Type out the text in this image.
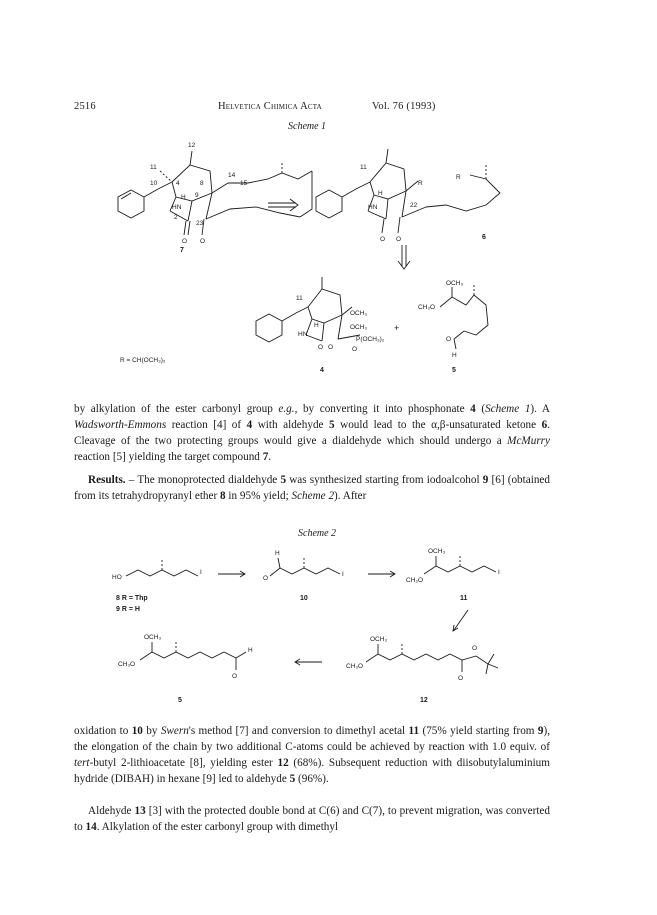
2516	Helvetica Chimica Acta	Vol. 76 (1993)
Scheme 1
12
11
10	4	8
14
15
9
HN
H
2
23
O O
7
11
H
HN
R
R
22
O O	6
11
H
HN
OCH₃
OCH₃
P(OCH₃)₂
O O	O
4
+
OCH₃
CH₃O
O
H
5
R = CH(OCH₃)₂

by alkylation of the ester carbonyl group e.g., by converting it into phosphonate 4 (Scheme 1). A Wadsworth-Emmons reaction [4] of 4 with aldehyde 5 would lead to the α,β-unsaturated ketone 6. Cleavage of the two protecting groups would give a dialdehyde which should undergo a McMurry reaction [5] yielding the target compound 7.

Results. – The monoprotected dialdehyde 5 was synthesized starting from iodoalcohol 9 [6] (obtained from its tetrahydropyranyl ether 8 in 95% yield; Scheme 2). After

Scheme 2
HO
I
8 R = Thp
9 R = H
H
O
I
10
OCH₃
CH₃O
I
11
OCH₃
CH₃O
O
O
12
OCH₃
CH₃O
H
O
5

oxidation to 10 by Swern's method [7] and conversion to dimethyl acetal 11 (75% yield starting from 9), the elongation of the chain by two additional C-atoms could be achieved by reaction with 1.0 equiv. of tert-butyl 2-lithioacetate [8], yielding ester 12 (68%). Subsequent reduction with diisobutylaluminium hydride (DIBAH) in hexane [9] led to aldehyde 5 (96%).

Aldehyde 13 [3] with the protected double bond at C(6) and C(7), to prevent migration, was converted to 14. Alkylation of the ester carbonyl group with dimethyl
